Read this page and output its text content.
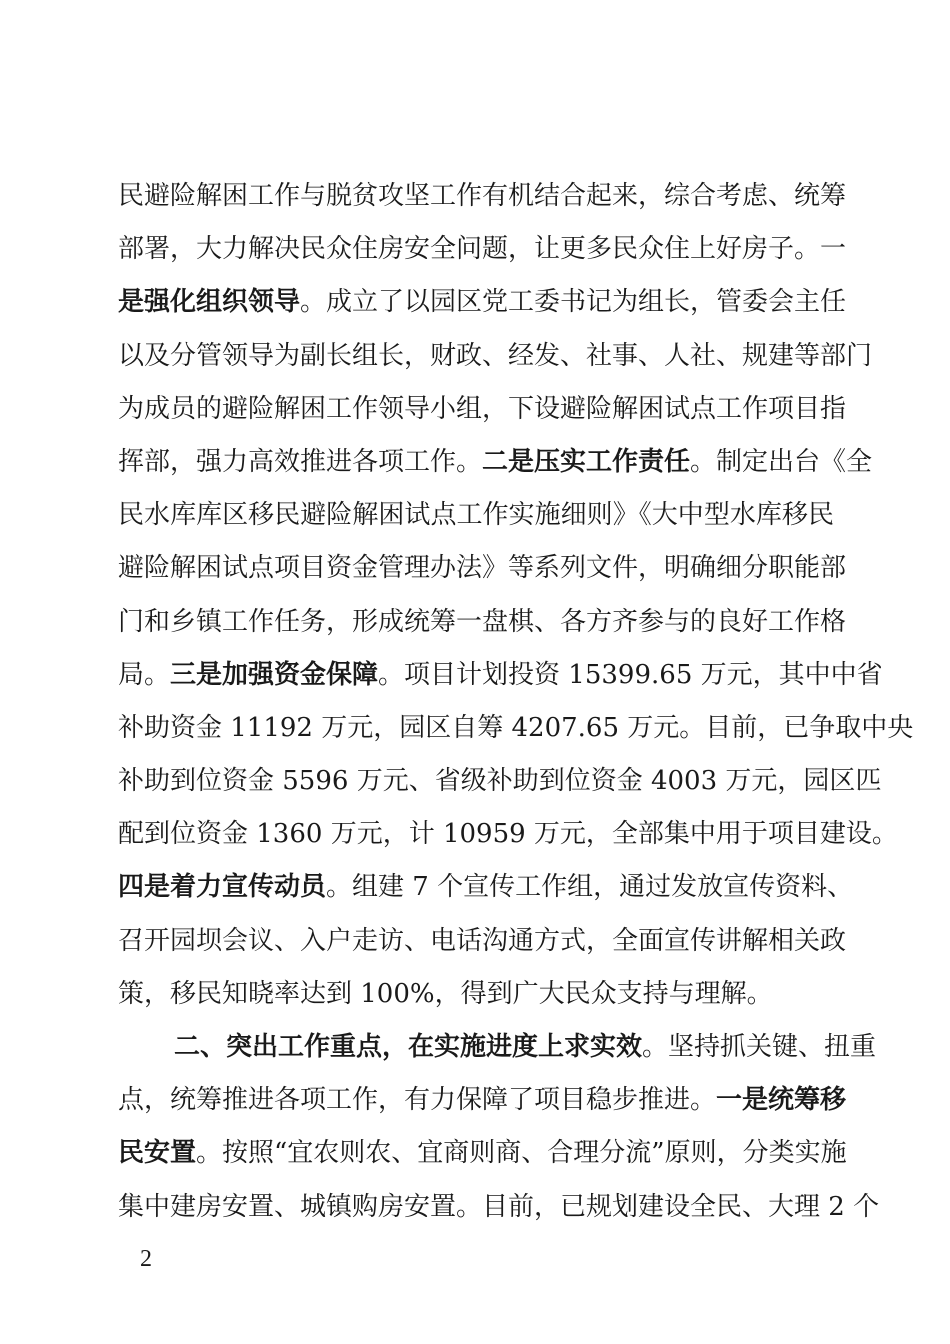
民避险解困工作与脱贫攻坚工作有机结合起来，综合考虑、统筹
部署，大力解决民众住房安全问题，让更多民众住上好房子。一
是强化组织领导。成立了以园区党工委书记为组长，管委会主任
以及分管领导为副长组长，财政、经发、社事、人社、规建等部门
为成员的避险解困工作领导小组，下设避险解困试点工作项目指
挥部，强力高效推进各项工作。二是压实工作责任。制定出台《全
民水库库区移民避险解困试点工作实施细则》《大中型水库移民
避险解困试点项目资金管理办法》等系列文件，明确细分职能部
门和乡镇工作任务，形成统筹一盘棋、各方齐参与的良好工作格
局。三是加强资金保障。项目计划投资 15399.65 万元，其中中省
补助资金 11192 万元，园区自筹 4207.65 万元。目前，已争取中央
补助到位资金 5596 万元、省级补助到位资金 4003 万元，园区匹
配到位资金 1360 万元，计 10959 万元，全部集中用于项目建设。
四是着力宣传动员。组建 7 个宣传工作组，通过发放宣传资料、
召开园坝会议、入户走访、电话沟通方式，全面宣传讲解相关政
策，移民知晓率达到 100%，得到广大民众支持与理解。
二、突出工作重点，在实施进度上求实效。坚持抓关键、扭重
点，统筹推进各项工作，有力保障了项目稳步推进。一是统筹移
民安置。按照“宜农则农、宜商则商、合理分流”原则，分类实施
集中建房安置、城镇购房安置。目前，已规划建设全民、大理 2 个
2
